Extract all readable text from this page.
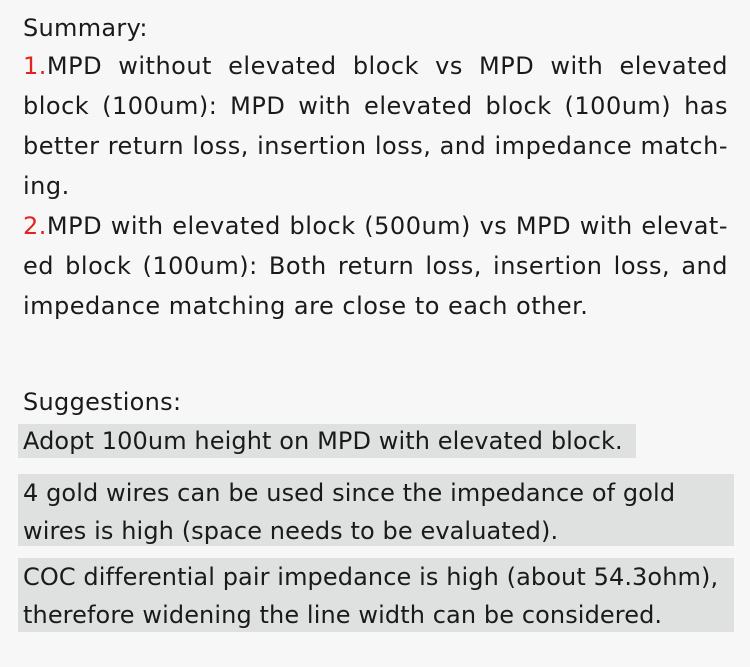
Summary:

1.MPD without elevated block vs MPD with elevated block (100um): MPD with elevated block (100um) has better return loss, insertion loss, and impedance match-ing.

2.MPD with elevated block (500um) vs MPD with elevat-ed block (100um): Both return loss, insertion loss, and impedance matching are close to each other.

Suggestions:
Adopt 100um height on MPD with elevated block.
4 gold wires can be used since the impedance of gold wires is high (space needs to be evaluated).
COC differential pair impedance is high (about 54.3ohm), therefore widening the line width can be considered.
